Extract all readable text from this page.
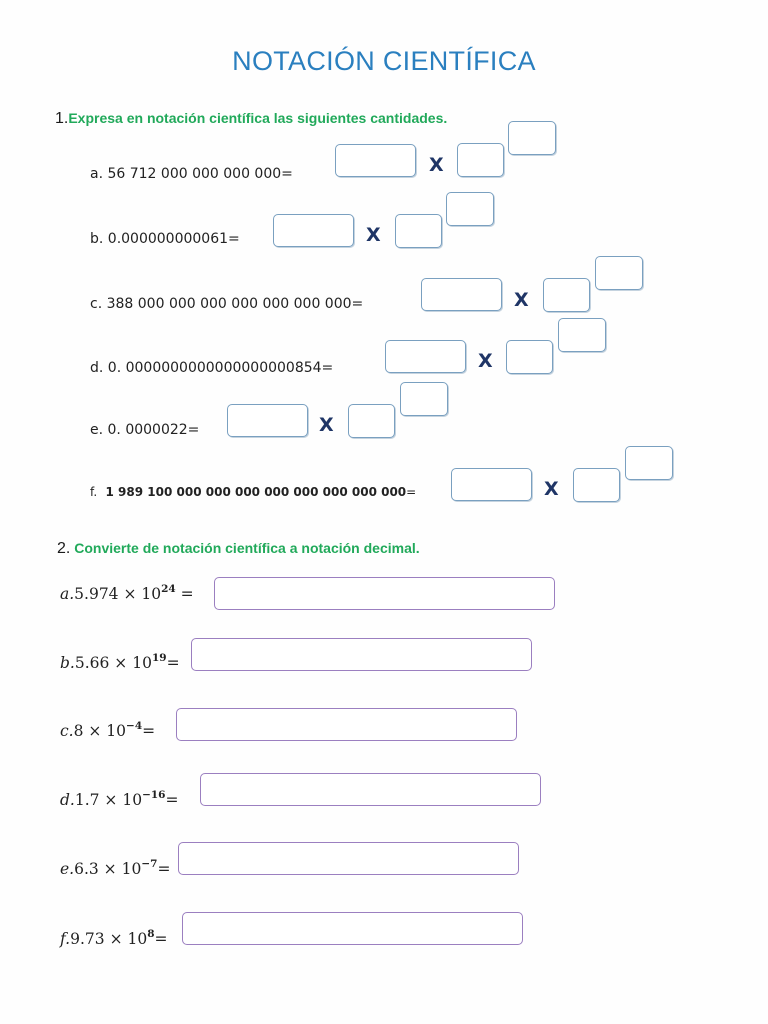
NOTACIÓN CIENTÍFICA
1.Expresa en notación científica las siguientes cantidades.
a. 56 712 000 000 000 000=	X
b. 0.000000000061=	X
c. 388 000 000 000 000 000 000 000=	X
d. 0. 0000000000000000000854=	X
e. 0. 0000022=	X
f. 1 989 100 000 000 000 000 000 000 000 000=	X
2. Convierte de notación científica a notación decimal.
$a.5.974 \times 10^{24}$ =
$b.5.66 \times 10^{19}=$
$c.8 \times 10^{-4}=$
$d.1.7 \times 10^{-16}=$
$e.6.3 \times 10^{-7}=$
$f.9.73 \times 10^8=$
